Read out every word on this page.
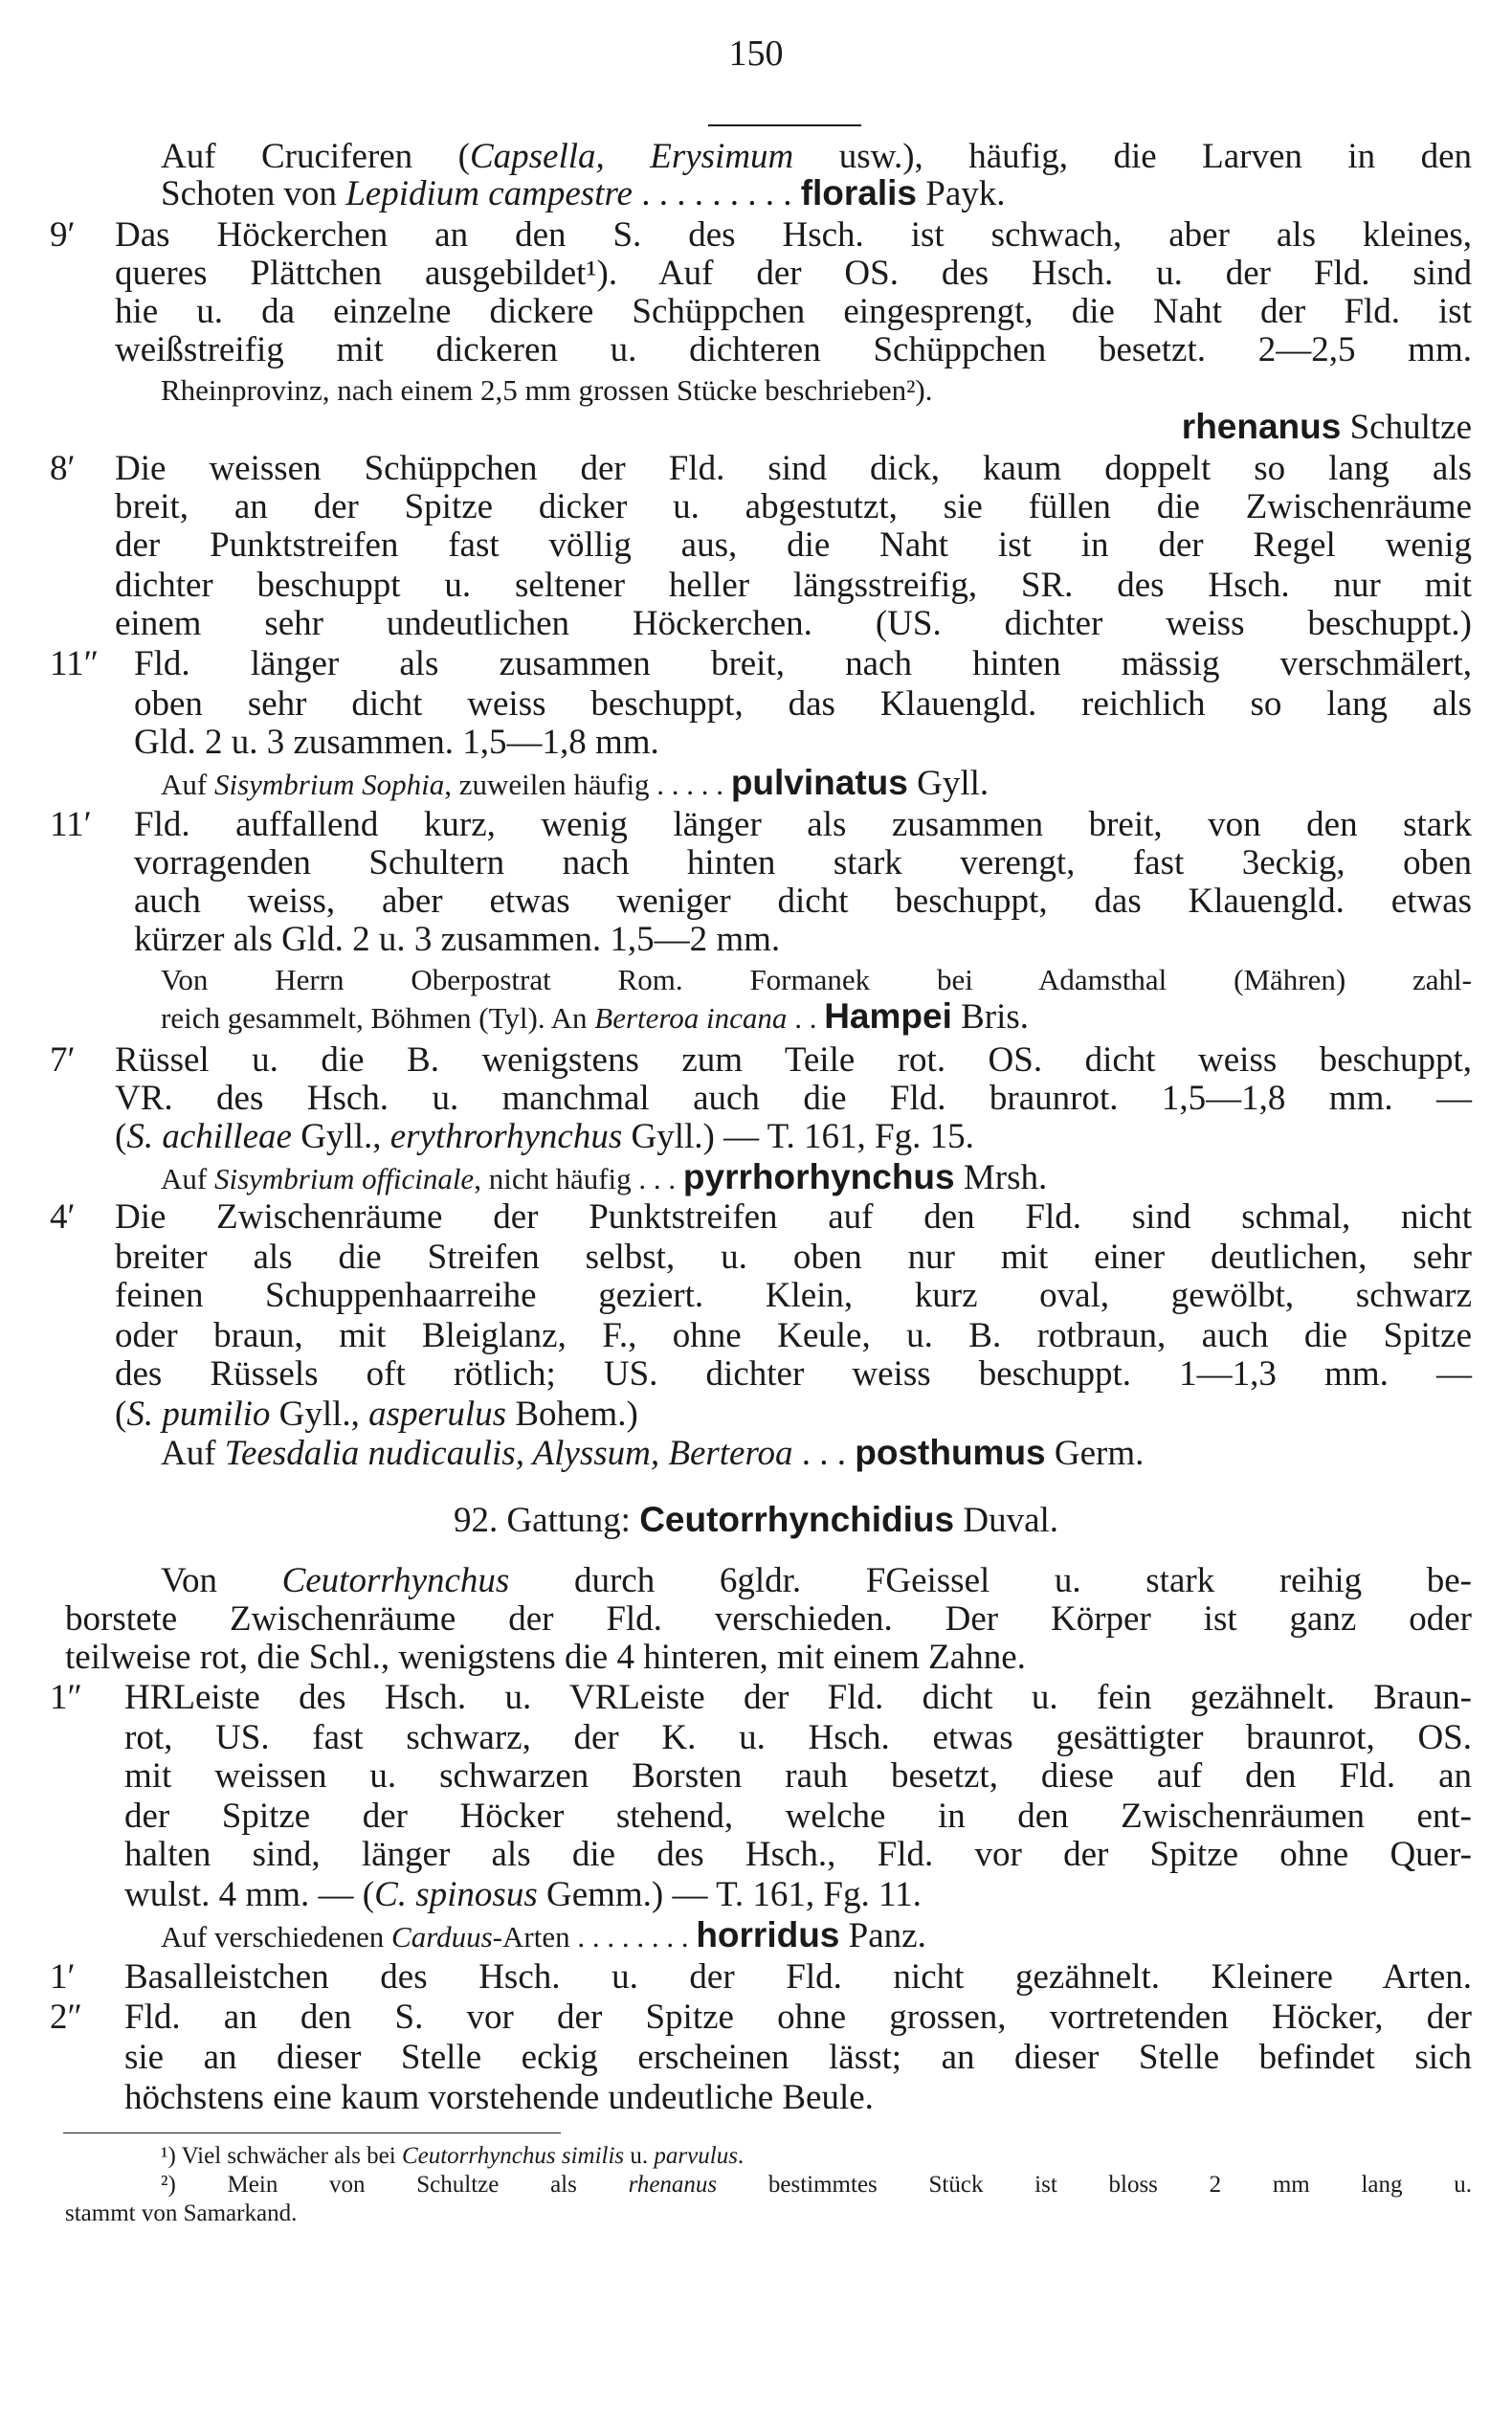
150
Auf Cruciferen (Capsella, Erysimum usw.), häufig, die Larven in den
Schoten von Lepidium campestre . . . . . . . . . floralis Payk.
9′ Das Höckerchen an den S. des Hsch. ist schwach, aber als kleines,
queres Plättchen ausgebildet¹). Auf der OS. des Hsch. u. der Fld. sind
hie u. da einzelne dickere Schüppchen eingesprengt, die Naht der Fld. ist
weißstreifig mit dickeren u. dichteren Schüppchen besetzt. 2—2,5 mm.
Rheinprovinz, nach einem 2,5 mm grossen Stücke beschrieben²).
rhenanus Schultze
8′ Die weissen Schüppchen der Fld. sind dick, kaum doppelt so lang als
breit, an der Spitze dicker u. abgestutzt, sie füllen die Zwischenräume
der Punktstreifen fast völlig aus, die Naht ist in der Regel wenig
dichter beschuppt u. seltener heller längsstreifig, SR. des Hsch. nur mit
einem sehr undeutlichen Höckerchen. (US. dichter weiss beschuppt.)
11″ Fld. länger als zusammen breit, nach hinten mässig verschmälert,
oben sehr dicht weiss beschuppt, das Klauengld. reichlich so lang als
Gld. 2 u. 3 zusammen. 1,5—1,8 mm.
Auf Sisymbrium Sophia, zuweilen häufig . . . . . pulvinatus Gyll.
11′ Fld. auffallend kurz, wenig länger als zusammen breit, von den stark
vorragenden Schultern nach hinten stark verengt, fast 3eckig, oben
auch weiss, aber etwas weniger dicht beschuppt, das Klauengld. etwas
kürzer als Gld. 2 u. 3 zusammen. 1,5—2 mm.
Von Herrn Oberpostrat Rom. Formanek bei Adamsthal (Mähren) zahl-
reich gesammelt, Böhmen (Tyl). An Berteroa incana . . Hampei Bris.
7′ Rüssel u. die B. wenigstens zum Teile rot. OS. dicht weiss beschuppt,
VR. des Hsch. u. manchmal auch die Fld. braunrot. 1,5—1,8 mm. —
(S. achilleae Gyll., erythrorhynchus Gyll.) — T. 161, Fg. 15.
Auf Sisymbrium officinale, nicht häufig . . . pyrrhorhynchus Mrsh.
4′ Die Zwischenräume der Punktstreifen auf den Fld. sind schmal, nicht
breiter als die Streifen selbst, u. oben nur mit einer deutlichen, sehr
feinen Schuppenhaarreihe geziert. Klein, kurz oval, gewölbt, schwarz
oder braun, mit Bleiglanz, F., ohne Keule, u. B. rotbraun, auch die Spitze
des Rüssels oft rötlich; US. dichter weiss beschuppt. 1—1,3 mm. —
(S. pumilio Gyll., asperulus Bohem.)
Auf Teesdalia nudicaulis, Alyssum, Berteroa . . . posthumus Germ.
92. Gattung: Ceutorrhynchidius Duval.
Von Ceutorrhynchus durch 6gldr. FGeissel u. stark reihig be-
borstete Zwischenräume der Fld. verschieden. Der Körper ist ganz oder
teilweise rot, die Schl., wenigstens die 4 hinteren, mit einem Zahne.
1″ HRLeiste des Hsch. u. VRLeiste der Fld. dicht u. fein gezähnelt. Braun-
rot, US. fast schwarz, der K. u. Hsch. etwas gesättigter braunrot, OS.
mit weissen u. schwarzen Borsten rauh besetzt, diese auf den Fld. an
der Spitze der Höcker stehend, welche in den Zwischenräumen ent-
halten sind, länger als die des Hsch., Fld. vor der Spitze ohne Quer-
wulst. 4 mm. — (C. spinosus Gemm.) — T. 161, Fg. 11.
Auf verschiedenen Carduus-Arten . . . . . . . . horridus Panz.
1′ Basalleistchen des Hsch. u. der Fld. nicht gezähnelt. Kleinere Arten.
2″ Fld. an den S. vor der Spitze ohne grossen, vortretenden Höcker, der
sie an dieser Stelle eckig erscheinen lässt; an dieser Stelle befindet sich
höchstens eine kaum vorstehende undeutliche Beule.
¹) Viel schwächer als bei Ceutorrhynchus similis u. parvulus.
²) Mein von Schultze als rhenanus bestimmtes Stück ist bloss 2 mm lang u.
stammt von Samarkand.
